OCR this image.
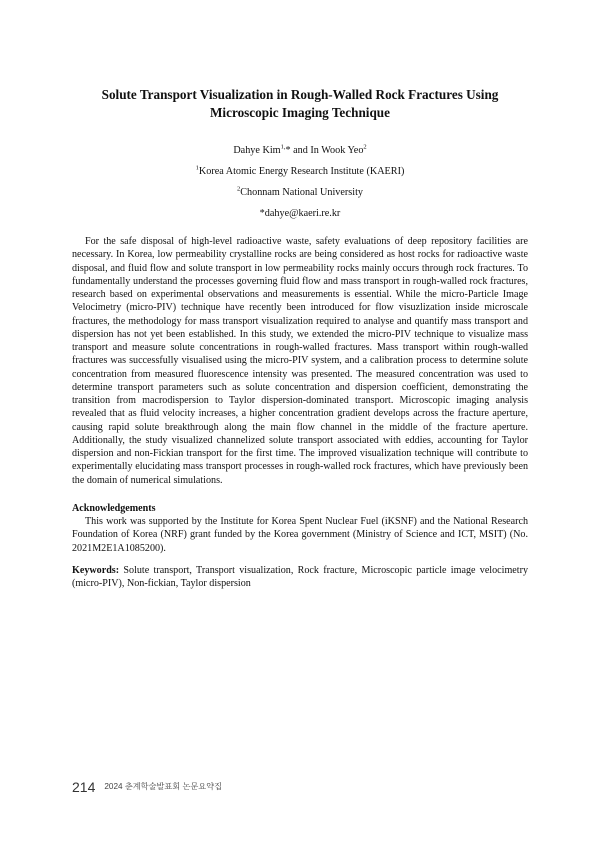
Solute Transport Visualization in Rough-Walled Rock Fractures Using
Microscopic Imaging Technique
Dahye Kim$^{1,}$* and In Wook Yeo$^2$
$^1$Korea Atomic Energy Research Institute (KAERI)
$^2$Chonnam National University
*dahye@kaeri.re.kr

For the safe disposal of high-level radioactive waste, safety evaluations of deep repository facilities are necessary. In Korea, low permeability crystalline rocks are being considered as host rocks for radioactive waste disposal, and fluid flow and solute transport in low permeability rocks mainly occurs through rock fractures. To fundamentally understand the processes governing fluid flow and mass transport in rough-walled rock fractures, research based on experimental observations and measurements is essential. While the micro-Particle Image Velocimetry (micro-PIV) technique have recently been introduced for flow visuzlization inside microscale fractures, the methodology for mass transport visualization required to analyse and quantify mass transport and dispersion has not yet been established. In this study, we extended the micro-PIV technique to visualize mass transport and measure solute concentrations in rough-walled fractures. Mass transport within rough-walled fractures was successfully visualised using the micro-PIV system, and a calibration process to determine solute concentration from measured fluorescence intensity was presented. The measured concentration was used to determine transport parameters such as solute concentration and dispersion coefficient, demonstrating the transition from macrodispersion to Taylor dispersion-dominated transport. Microscopic imaging analysis revealed that as fluid velocity increases, a higher concentration gradient develops across the fracture aperture, causing rapid solute breakthrough along the main flow channel in the middle of the fracture aperture. Additionally, the study visualized channelized solute transport associated with eddies, accounting for Taylor dispersion and non-Fickian transport for the first time. The improved visualization technique will contribute to experimentally elucidating mass transport processes in rough-walled rock fractures, which have previously been the domain of numerical simulations.

Acknowledgements

This work was supported by the Institute for Korea Spent Nuclear Fuel (iKSNF) and the National Research Foundation of Korea (NRF) grant funded by the Korea government (Ministry of Science and ICT, MSIT) (No. 2021M2E1A1085200).

Keywords: Solute transport, Transport visualization, Rock fracture, Microscopic particle image velocimetry (micro-PIV), Non-fickian, Taylor dispersion

214 2024 춘계학술발표회 논문요약집
